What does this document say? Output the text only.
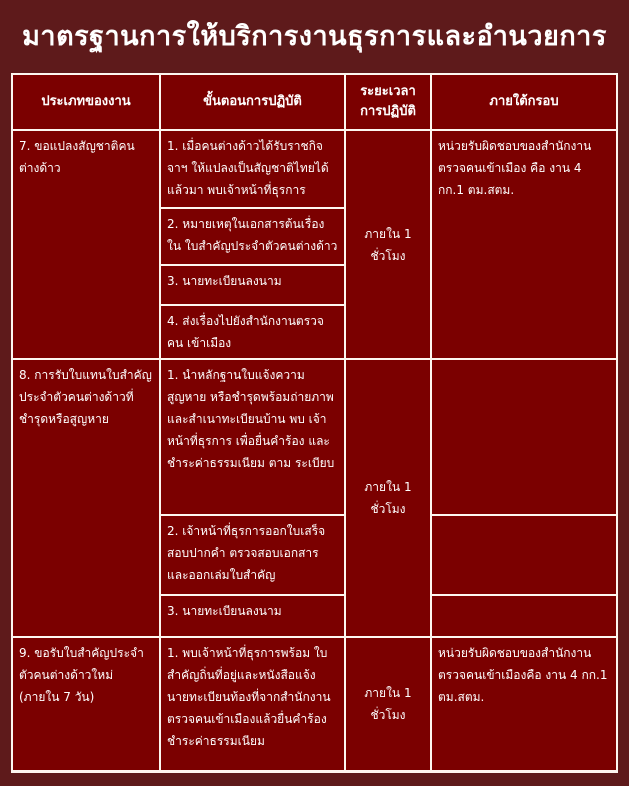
มาตรฐานการให้บริการงานธุรการและอำนวยการ
ประเภทของงาน	ขั้นตอนการปฏิบัติ
ระยะเวลา การปฏิบัติ
ภายใต้กรอบ
7. ขอแปลงสัญชาติคนต่างด้าว
1. เมื่อคนต่างด้าวได้รับราชกิจจาฯ ให้แปลงเป็นสัญชาติไทยได้แล้วมา พบเจ้าหน้าที่ธุรการ
2. หมายเหตุในเอกสารต้นเรื่องใน ใบสำคัญประจำตัวคนต่างด้าว
3. นายทะเบียนลงนาม
4. ส่งเรื่องไปยังสำนักงานตรวจคน เข้าเมือง
ภายใน 1 ชั่วโมง
หน่วยรับผิดชอบของสำนักงาน ตรวจคนเข้าเมือง คือ งาน 4 กก.1 ตม.สตม.
8. การรับใบแทนใบสำคัญประจำตัวคนต่างด้าวที่ชำรุดหรือสูญหาย
1. นำหลักฐานใบแจ้งความสูญหาย หรือชำรุดพร้อมถ่ายภาพ และสำเนาทะเบียนบ้าน พบ เจ้าหน้าที่ธุรการ เพื่อยื่นคำร้อง และชำระค่าธรรมเนียม ตาม ระเบียบ
2. เจ้าหน้าที่ธุรการออกใบเสร็จ สอบปากคำ ตรวจสอบเอกสาร และออกเล่มใบสำคัญ
3. นายทะเบียนลงนาม
ภายใน 1 ชั่วโมง
9. ขอรับใบสำคัญประจำตัวคนต่างด้าวใหม่ (ภายใน 7 วัน)
1. พบเจ้าหน้าที่ธุรการพร้อม ใบสำคัญถิ่นที่อยู่และหนังสือแจ้ง นายทะเบียนท้องที่จากสำนักงาน ตรวจคนเข้าเมืองแล้วยื่นคำร้อง ชำระค่าธรรมเนียม
ภายใน 1 ชั่วโมง
หน่วยรับผิดชอบของสำนักงาน ตรวจคนเข้าเมืองคือ งาน 4 กก.1 ตม.สตม.
